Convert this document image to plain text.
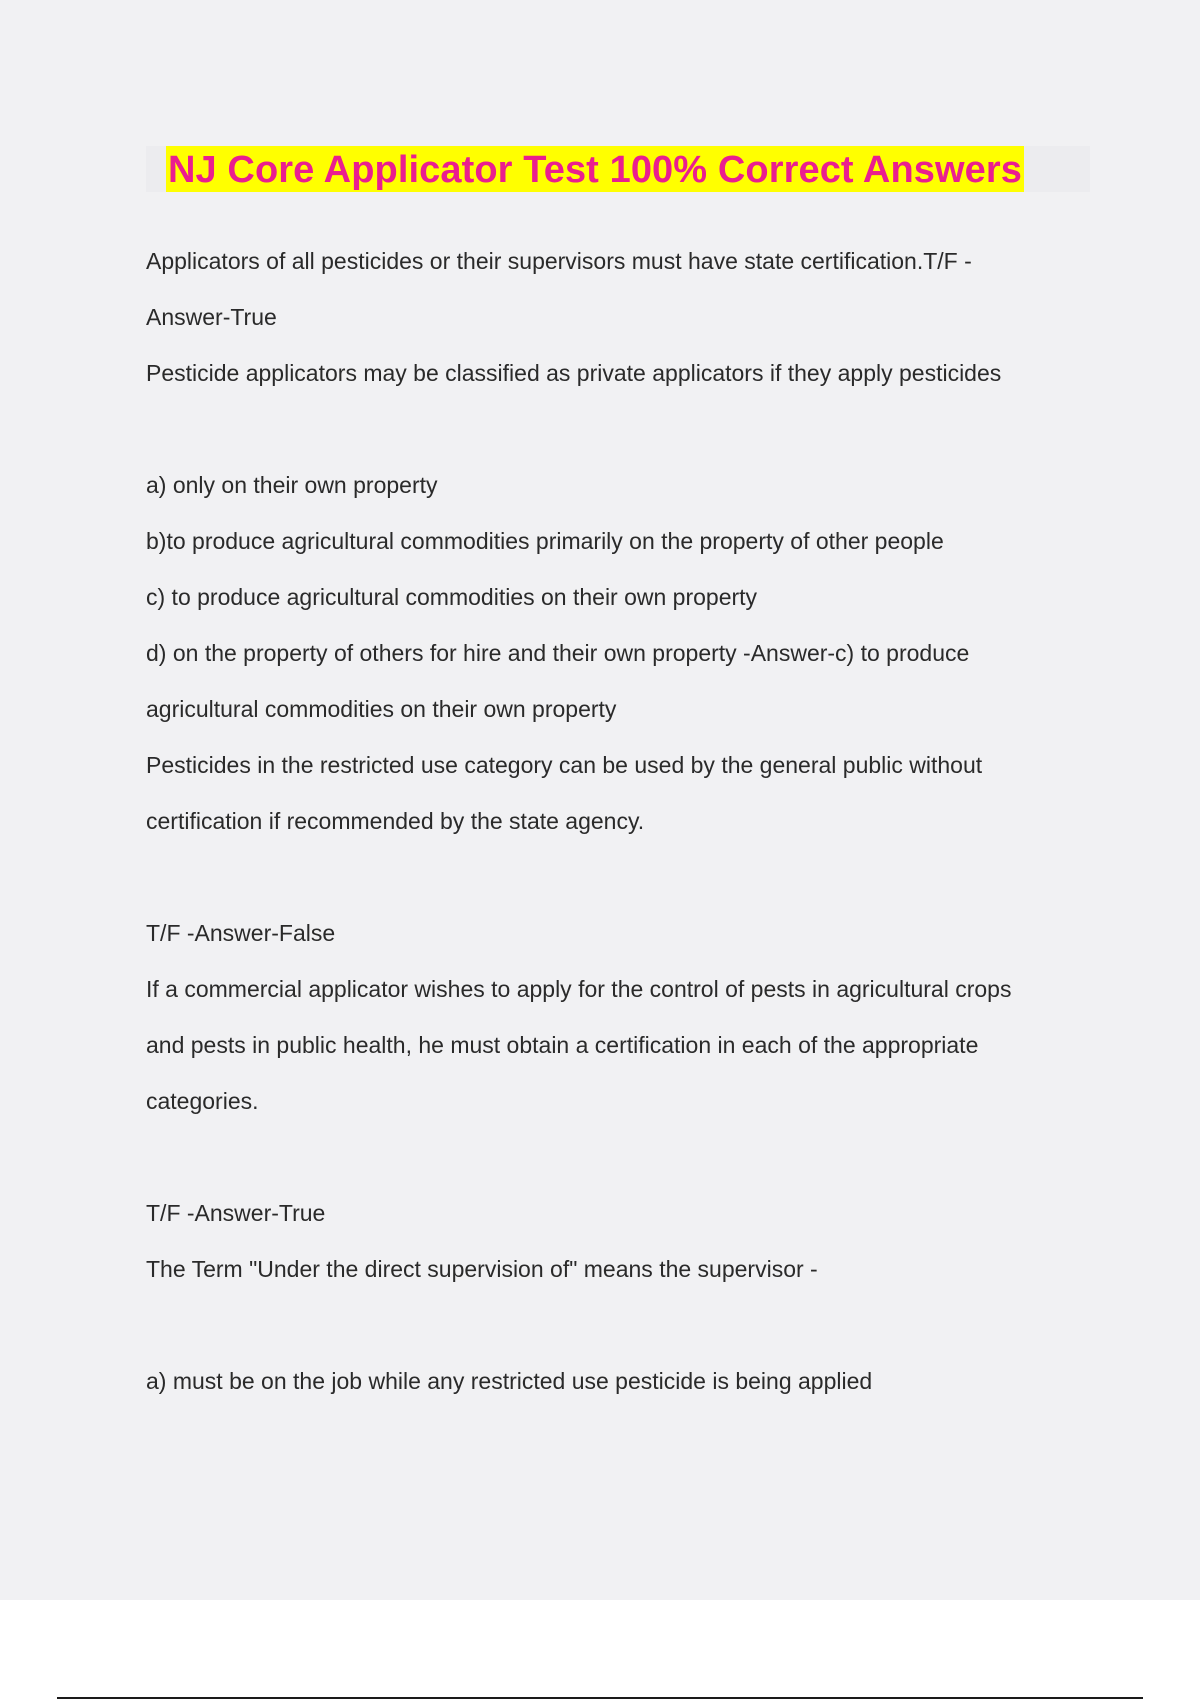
NJ Core Applicator Test 100% Correct Answers

Applicators of all pesticides or their supervisors must have state certification.T/F -

Answer-True

Pesticide applicators may be classified as private applicators if they apply pesticides

a) only on their own property

b)to produce agricultural commodities primarily on the property of other people

c) to produce agricultural commodities on their own property

d) on the property of others for hire and their own property -Answer-c) to produce

agricultural commodities on their own property

Pesticides in the restricted use category can be used by the general public without

certification if recommended by the state agency.

T/F -Answer-False

If a commercial applicator wishes to apply for the control of pests in agricultural crops

and pests in public health, he must obtain a certification in each of the appropriate

categories.

T/F -Answer-True

The Term "Under the direct supervision of" means the supervisor -

a) must be on the job while any restricted use pesticide is being applied
